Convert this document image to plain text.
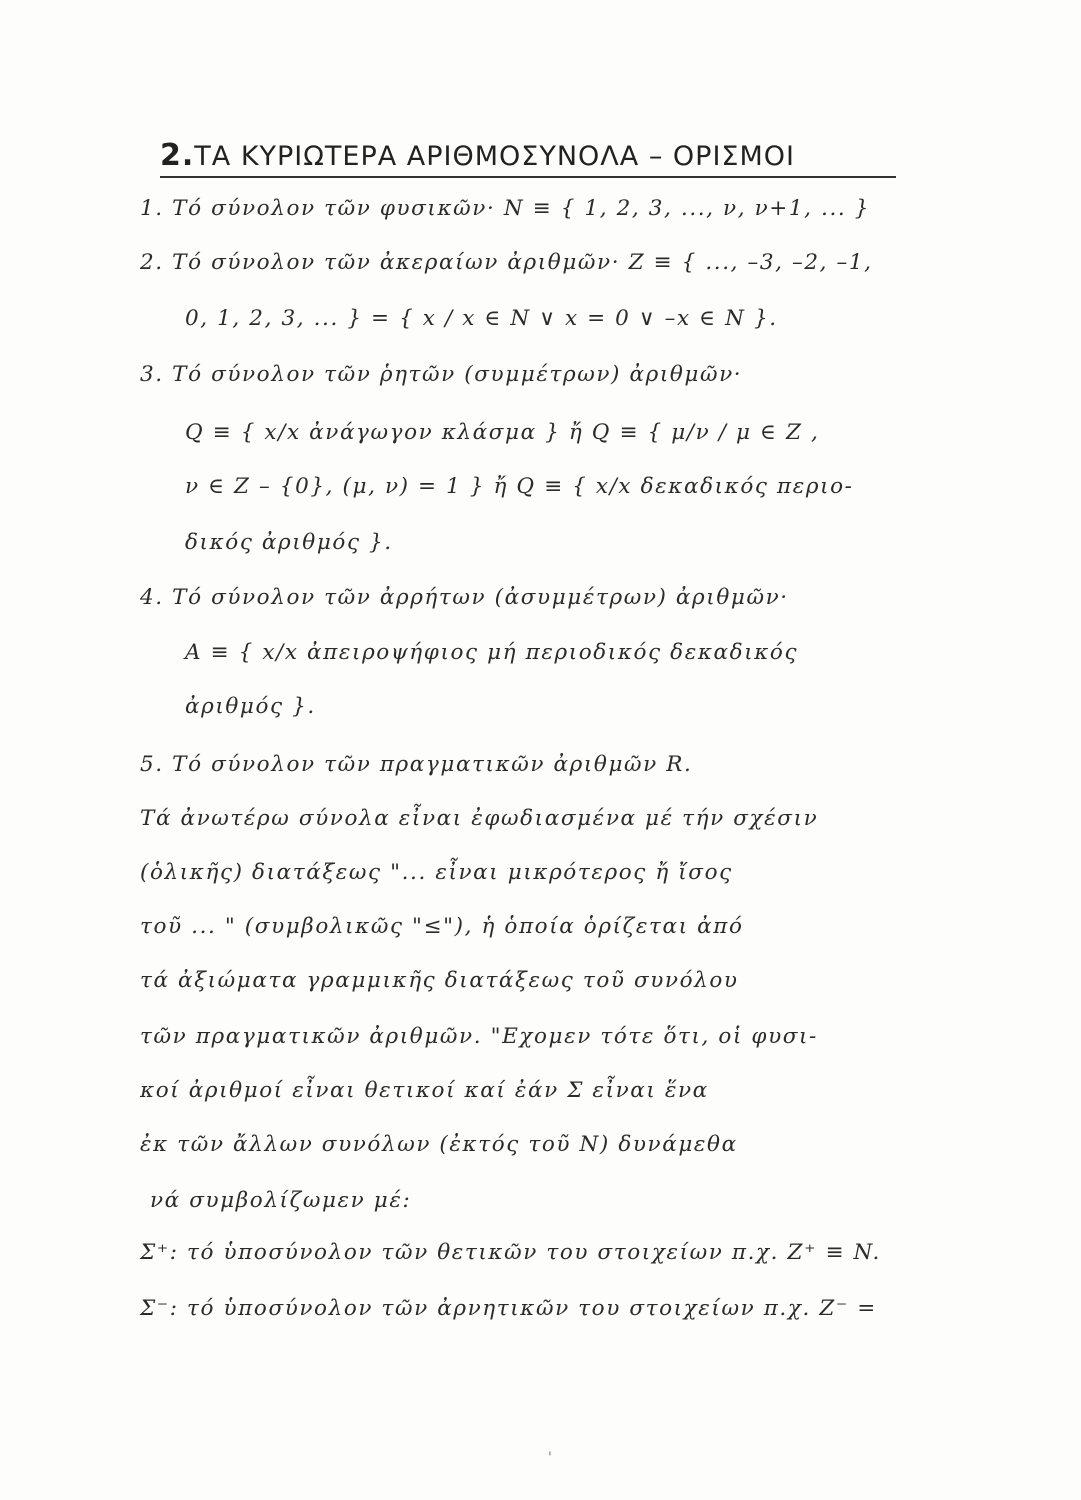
2.ΤΑ ΚΥΡΙΩΤΕΡΑ ΑΡΙΘΜΟΣΥΝΟΛΑ – ΟΡΙΣΜΟΙ
1. Τό σύνολον τῶν φυσικῶν· N ≡ { 1, 2, 3, ..., ν, ν+1, ... }
2. Τό σύνολον τῶν ἀκεραίων ἀριθμῶν· Z ≡ { ..., –3, –2, –1,
0, 1, 2, 3, ... } = { x / x ∈ N ∨ x = 0 ∨ –x ∈ N }.
3. Τό σύνολον τῶν ῥητῶν (συμμέτρων) ἀριθμῶν·
Q ≡ { x/x ἀνάγωγον κλάσμα } ἤ Q ≡ { μ/ν / μ ∈ Z ,
ν ∈ Z – {0}, (μ, ν) = 1 } ἤ Q ≡ { x/x δεκαδικός περιο-
δικός ἀριθμός }.
4. Τό σύνολον τῶν ἀρρήτων (ἀσυμμέτρων) ἀριθμῶν·
A ≡ { x/x ἀπειροψήφιος μή περιοδικός δεκαδικός
ἀριθμός }.
5. Τό σύνολον τῶν πραγματικῶν ἀριθμῶν R.
Τά ἀνωτέρω σύνολα εἶναι ἐφωδιασμένα μέ τήν σχέσιν
(ὁλικῆς) διατάξεως "... εἶναι μικρότερος ἤ ἴσος
τοῦ ... " (συμβολικῶς "≤"), ἡ ὁποία ὁρίζεται ἀπό
τά ἀξιώματα γραμμικῆς διατάξεως τοῦ συνόλου
τῶν πραγματικῶν ἀριθμῶν. "Εχομεν τότε ὅτι, οἱ φυσι-
κοί ἀριθμοί εἶναι θετικοί καί ἐάν Σ εἶναι ἕνα
ἐκ τῶν ἄλλων συνόλων (ἐκτός τοῦ N) δυνάμεθα
νά συμβολίζωμεν μέ:
Σ⁺: τό ὑποσύνολον τῶν θετικῶν του στοιχείων π.χ. Z⁺ ≡ N.
Σ⁻: τό ὑποσύνολον τῶν ἀρνητικῶν του στοιχείων π.χ. Z⁻ =
'
